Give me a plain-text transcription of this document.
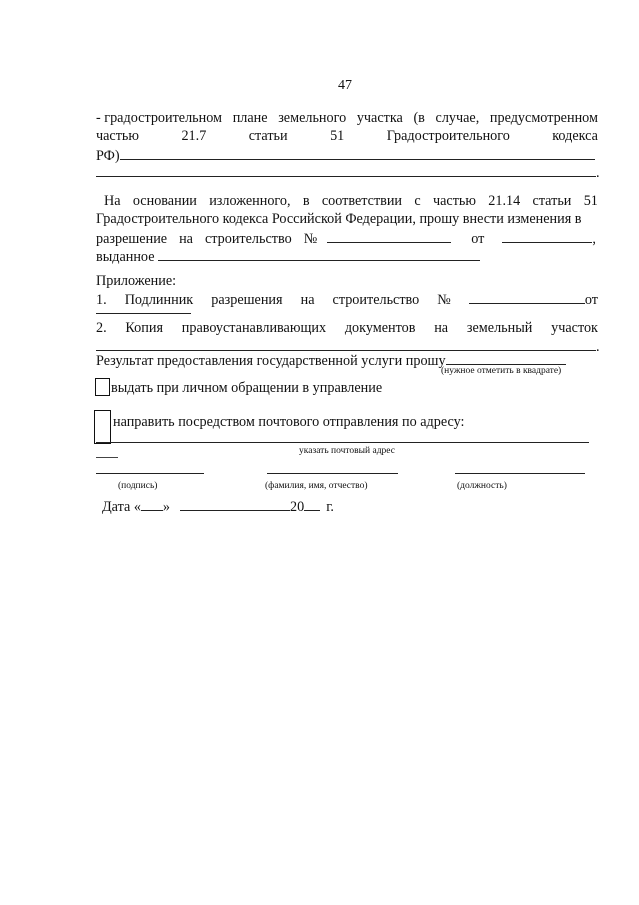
47
- градостроительном плане земельного участка (в случае, предусмотренном
частью	21.7	статьи	51	Градостроительного	кодекса
РФ)
.
На основании изложенного, в соответствии с частью 21.14 статьи 51
Градостроительного кодекса Российской Федерации, прошу внести изменения в
разрешение на строительство №	от	,
выданное
Приложение:
1. Подлинник разрешения на строительство №	от
2. Копия правоустанавливающих документов на земельный участок
.
Результат предоставления государственной услуги прошу
(нужное отметить в квадрате)
выдать при личном обращении в управление
направить посредством почтового отправления по адресу:
указать почтовый адрес
(подпись)	(фамилия, имя, отчество)	(должность)
Дата « »	20 г.
